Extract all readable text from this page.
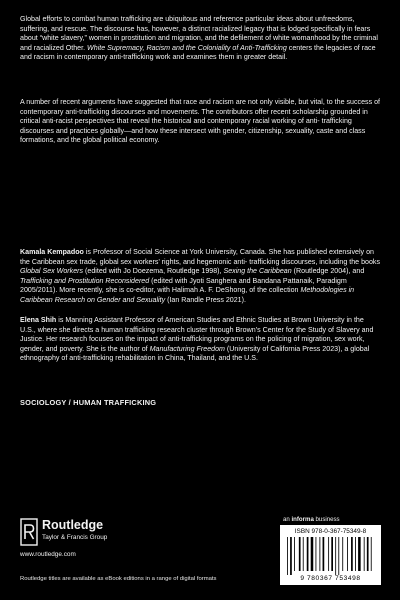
Global efforts to combat human trafficking are ubiquitous and reference particular ideas about unfreedoms, suffering, and rescue. The discourse has, however, a distinct racialized legacy that is lodged specifically in fears about “white slavery,” women in prostitution and migration, and the defilement of white womanhood by the criminal and racialized Other. White Supremacy, Racism and the Coloniality of Anti-Trafficking centers the legacies of race and racism in contemporary anti-trafficking work and examines them in greater detail.

A number of recent arguments have suggested that race and racism are not only visible, but vital, to the success of contemporary anti-trafficking discourses and movements. The contributors offer recent scholarship grounded in critical anti-racist perspectives that reveal the historical and contemporary racial working of anti- trafficking discourses and practices globally—and how these intersect with gender, citizenship, sexuality, caste and class formations, and the global political economy.

Kamala Kempadoo is Professor of Social Science at York University, Canada. She has published extensively on the Caribbean sex trade, global sex workers’ rights, and hegemonic anti- trafficking discourses, including the books Global Sex Workers (edited with Jo Doezema, Routledge 1998), Sexing the Caribbean (Routledge 2004), and Trafficking and Prostitution Reconsidered (edited with Jyoti Sanghera and Bandana Pattanaik, Paradigm 2005/2011). More recently, she is co-editor, with Halimah A. F. DeShong, of the collection Methodologies in Caribbean Research on Gender and Sexuality (Ian Randle Press 2021).

Elena Shih is Manning Assistant Professor of American Studies and Ethnic Studies at Brown University in the U.S., where she directs a human trafficking research cluster through Brown’s Center for the Study of Slavery and Justice. Her research focuses on the impact of anti-trafficking programs on the policing of migration, sex work, gender, and poverty. She is the author of Manufacturing Freedom (University of California Press 2023), a global ethnography of anti-trafficking rehabilitation in China, Thailand, and the U.S.

SOCIOLOGY / HUMAN TRAFFICKING

Routledge
Taylor & Francis Group
www.routledge.com
Routledge titles are available as eBook editions in a range of digital formats
an informa business
ISBN 978-0-367-75349-8
9 780367 753498
